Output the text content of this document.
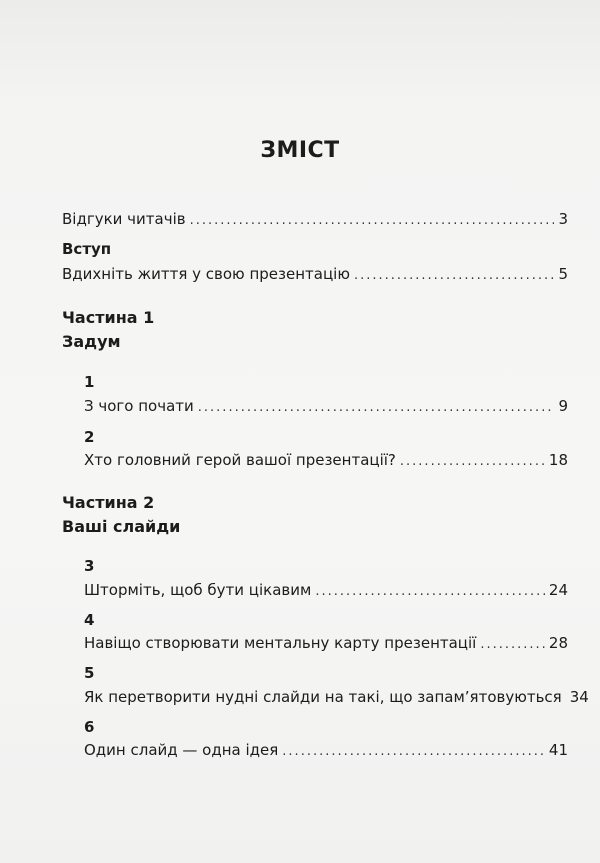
ЗМІСТ
Відгуки читачів .....	3
Вступ
Вдихніть життя у свою презентацію .....	5
Частина 1
Задум
1
З чого почати .....	9
2
Хто головний герой вашої презентації? .....	18
Частина 2
Ваші слайди
3
Шторміть, щоб бути цікавим .....	24
4
Навіщо створювати ментальну карту презентації .....	28
5
Як перетворити нудні слайди на такі, що запам’ятовуються 34
6
Один слайд — одна ідея .....	41
